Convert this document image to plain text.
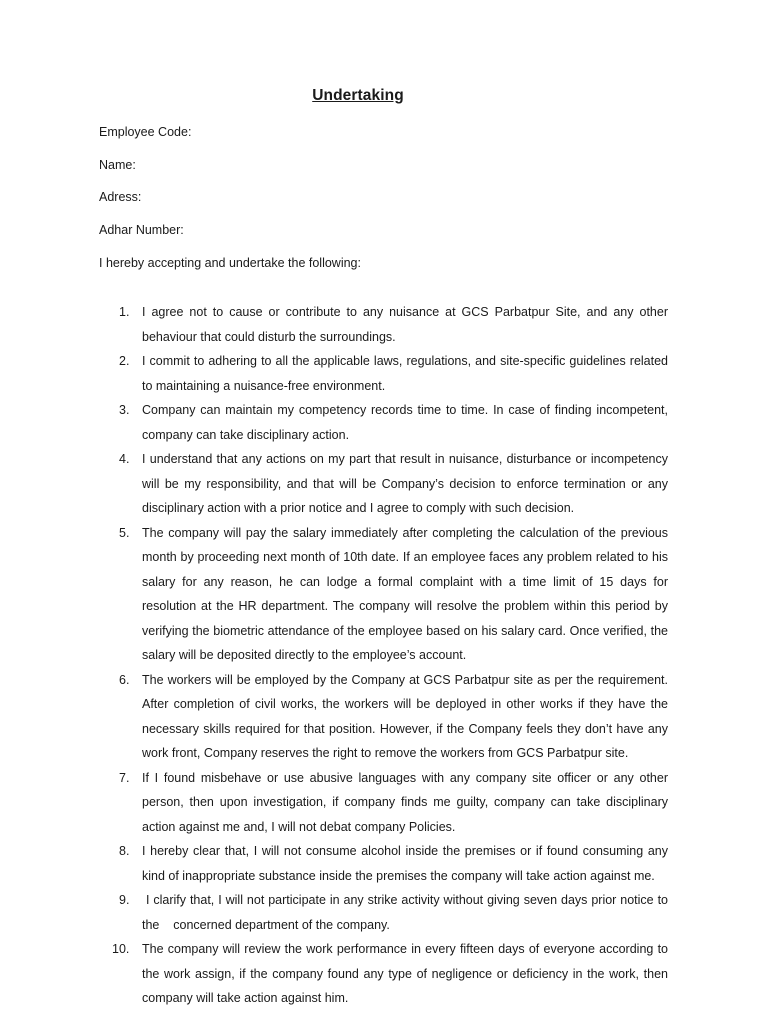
Undertaking
Employee Code:
Name:
Adress:
Adhar Number:
I hereby accepting and undertake the following:
1. I agree not to cause or contribute to any nuisance at GCS Parbatpur Site, and any other behaviour that could disturb the surroundings.
2. I commit to adhering to all the applicable laws, regulations, and site-specific guidelines related to maintaining a nuisance-free environment.
3. Company can maintain my competency records time to time. In case of finding incompetent, company can take disciplinary action.
4. I understand that any actions on my part that result in nuisance, disturbance or incompetency will be my responsibility, and that will be Company’s decision to enforce termination or any disciplinary action with a prior notice and I agree to comply with such decision.
5. The company will pay the salary immediately after completing the calculation of the previous month by proceeding next month of 10th date. If an employee faces any problem related to his salary for any reason, he can lodge a formal complaint with a time limit of 15 days for resolution at the HR department. The company will resolve the problem within this period by verifying the biometric attendance of the employee based on his salary card. Once verified, the salary will be deposited directly to the employee’s account.
6. The workers will be employed by the Company at GCS Parbatpur site as per the requirement. After completion of civil works, the workers will be deployed in other works if they have the necessary skills required for that position. However, if the Company feels they don’t have any work front, Company reserves the right to remove the workers from GCS Parbatpur site.
7. If I found misbehave or use abusive languages with any company site officer or any other person, then upon investigation, if company finds me guilty, company can take disciplinary action against me and, I will not debat company Policies.
8. I hereby clear that, I will not consume alcohol inside the premises or if found consuming any kind of inappropriate substance inside the premises the company will take action against me.
9. I clarify that, I will not participate in any strike activity without giving seven days prior notice to the    concerned department of the company.
10. The company will review the work performance in every fifteen days of everyone according to the work assign, if the company found any type of negligence or deficiency in the work, then company will take action against him.
